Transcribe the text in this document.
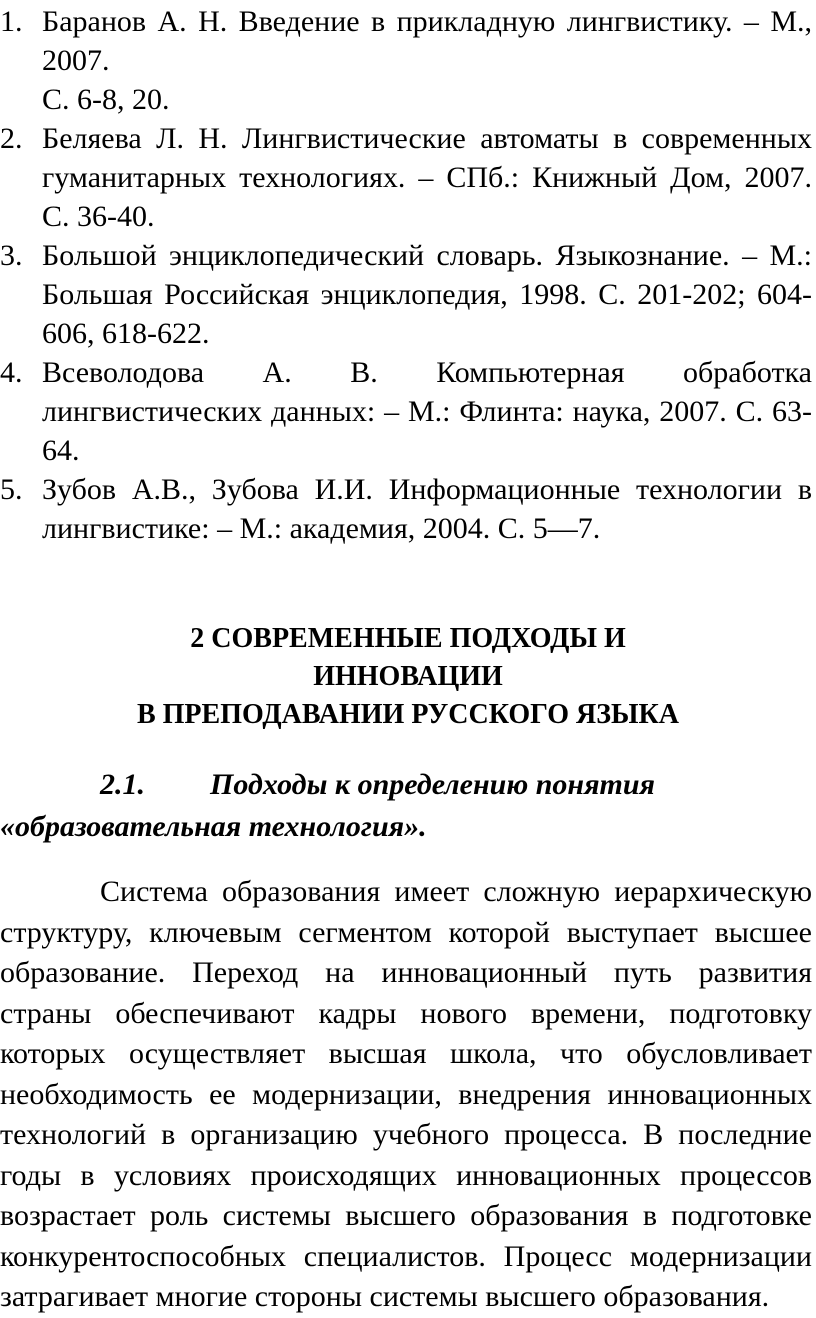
1. Баранов А. Н. Введение в прикладную лингвистику. – М., 2007.
С. 6-8, 20.
2. Беляева Л. Н. Лингвистические автоматы в современных гуманитарных технологиях. – СПб.: Книжный Дом, 2007. С. 36-40.
3. Большой энциклопедический словарь. Языкознание. – М.: Большая Российская энциклопедия, 1998. С. 201-202; 604-606, 618-622.
4. Всеволодова А. В. Компьютерная обработка лингвистических данных: – М.: Флинта: наука, 2007. С. 63-64.
5. Зубов А.В., Зубова И.И. Информационные технологии в лингвистике: – М.: академия, 2004. С. 5—7.
2 СОВРЕМЕННЫЕ ПОДХОДЫ И
ИННОВАЦИИ
В ПРЕПОДАВАНИИ РУССКОГО ЯЗЫКА
2.1. Подходы к определению понятия
«образовательная технология».

Система образования имеет сложную иерархическую структуру, ключевым сегментом которой выступает высшее образование. Переход на инновационный путь развития страны обеспечивают кадры нового времени, подготовку которых осуществляет высшая школа, что обусловливает необходимость ее модернизации, внедрения инновационных технологий в организацию учебного процесса. В последние годы в условиях происходящих инновационных процессов возрастает роль системы высшего образования в подготовке конкурентоспособных специалистов. Процесс модернизации затрагивает многие стороны системы высшего образования.
